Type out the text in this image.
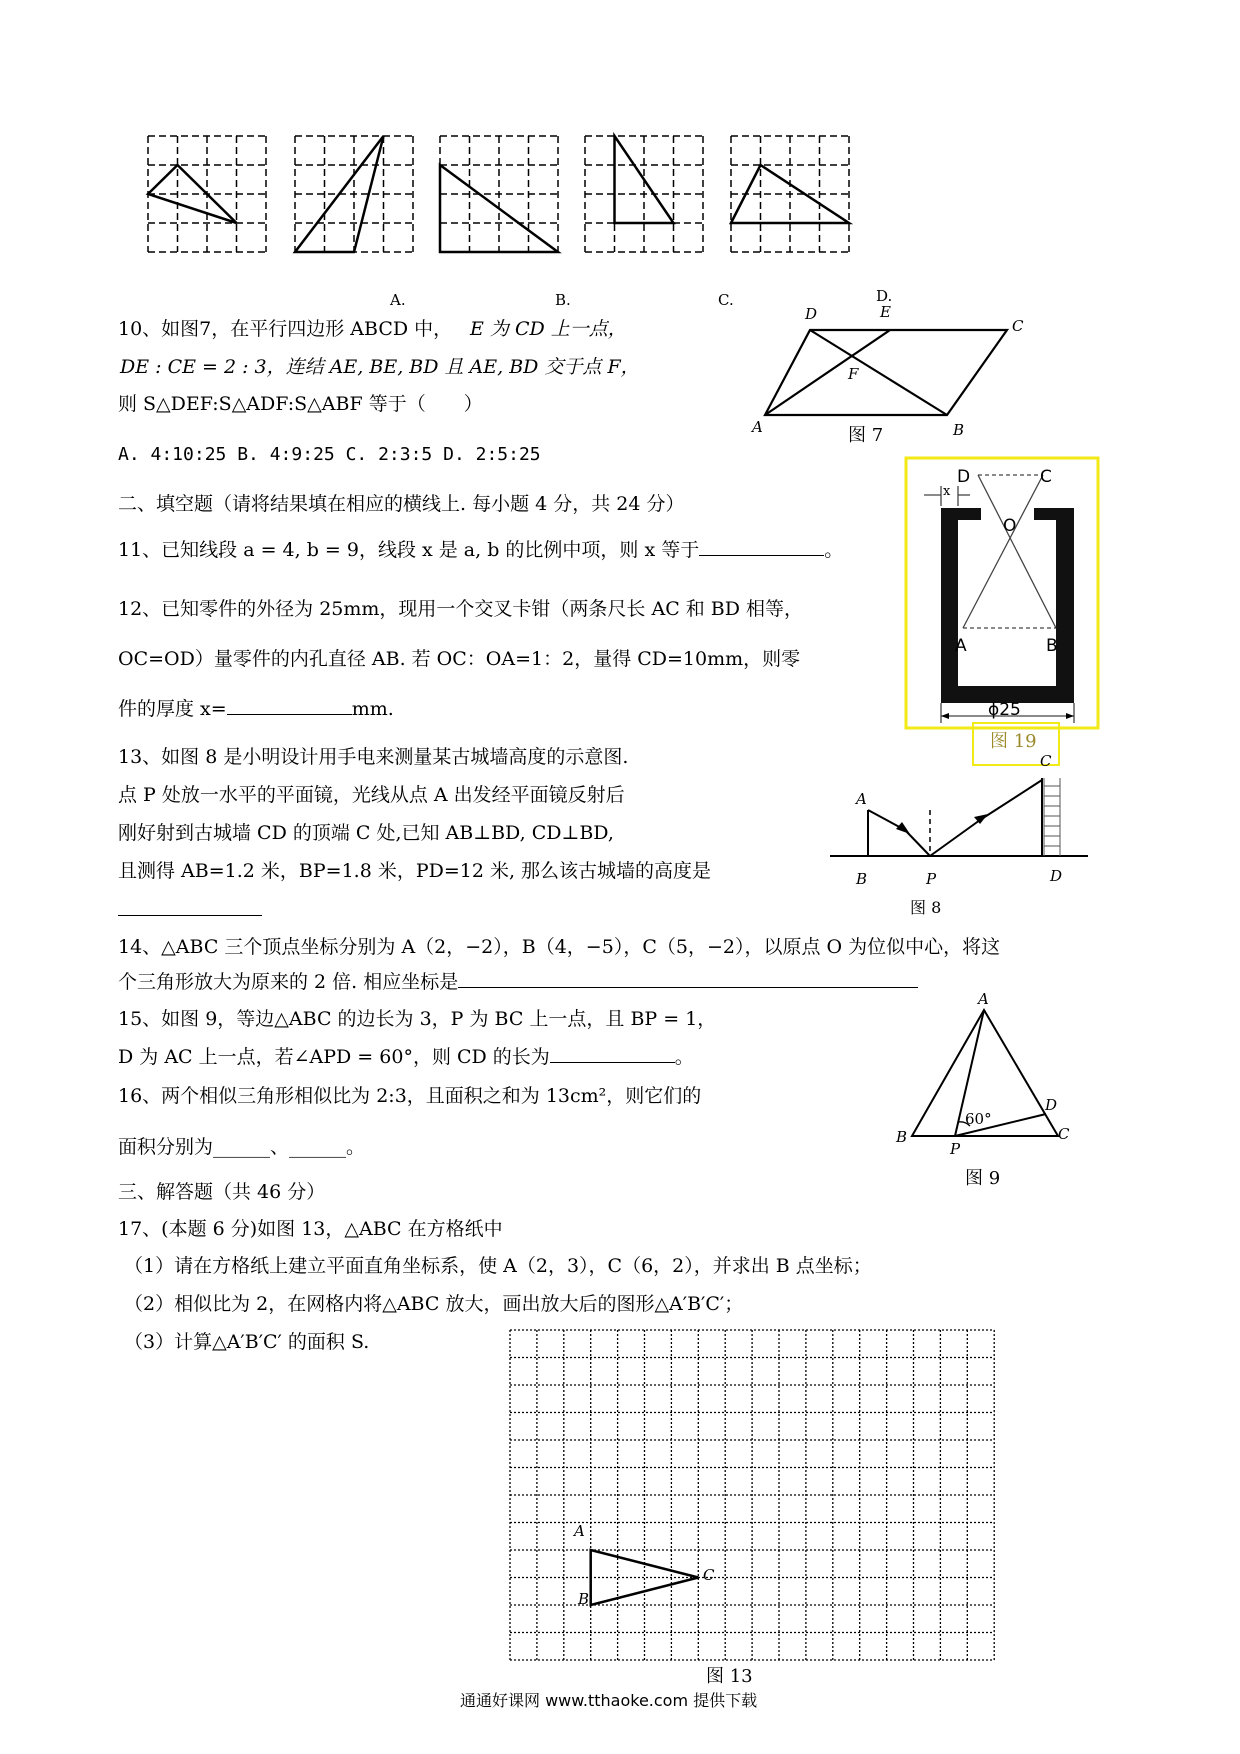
A.	B.	C.	D.
10、如图7，在平行四边形 ABCD 中， E 为 CD 上一点，
DE : CE = 2 : 3，连结 AE, BE, BD 且 AE, BD 交于点 F，
则 S△DEF:S△ADF:S△ABF 等于（　　）
A. 4:10:25 B. 4:9:25 C. 2:3:5 D. 2:5:25
D	E
C
F
A	B
图 7
二、填空题（请将结果填在相应的横线上. 每小题 4 分，共 24 分）
11、已知线段 a = 4, b = 9，线段 x 是 a, b 的比例中项，则 x 等于	。
12、已知零件的外径为 25mm，现用一个交叉卡钳（两条尺长 AC 和 BD 相等，
OC=OD）量零件的内孔直径 AB. 若 OC：OA=1：2，量得 CD=10mm，则零
件的厚度 x=	mm.
D	C
x
O
A	B
ϕ25
图 19
13、如图 8 是小明设计用手电来测量某古城墙高度的示意图.
点 P 处放一水平的平面镜，光线从点 A 出发经平面镜反射后
刚好射到古城墙 CD 的顶端 C 处,已知 AB⊥BD, CD⊥BD,
且测得 AB=1.2 米，BP=1.8 米，PD=12 米, 那么该古城墙的高度是
A
B	P
C
D
图 8
14、△ABC 三个顶点坐标分别为 A（2，−2），B（4，−5），C（5，−2），以原点 O 为位似中心，将这
个三角形放大为原来的 2 倍. 相应坐标是
15、如图 9，等边△ABC 的边长为 3，P 为 BC 上一点，且 BP = 1，
D 为 AC 上一点，若∠APD = 60°，则 CD 的长为	。
A
B	C
D
P
60°
图 9
16、两个相似三角形相似比为 2:3，且面积之和为 13cm²，则它们的
面积分别为______、______。
三、解答题（共 46 分）
17、(本题 6 分)如图 13，△ABC 在方格纸中
（1）请在方格纸上建立平面直角坐标系，使 A（2，3），C（6，2），并求出 B 点坐标；
（2）相似比为 2，在网格内将△ABC 放大，画出放大后的图形△A′B′C′；
（3）计算△A′B′C′ 的面积 S.
A
B
C
图 13
通通好课网 www.tthaoke.com 提供下载
